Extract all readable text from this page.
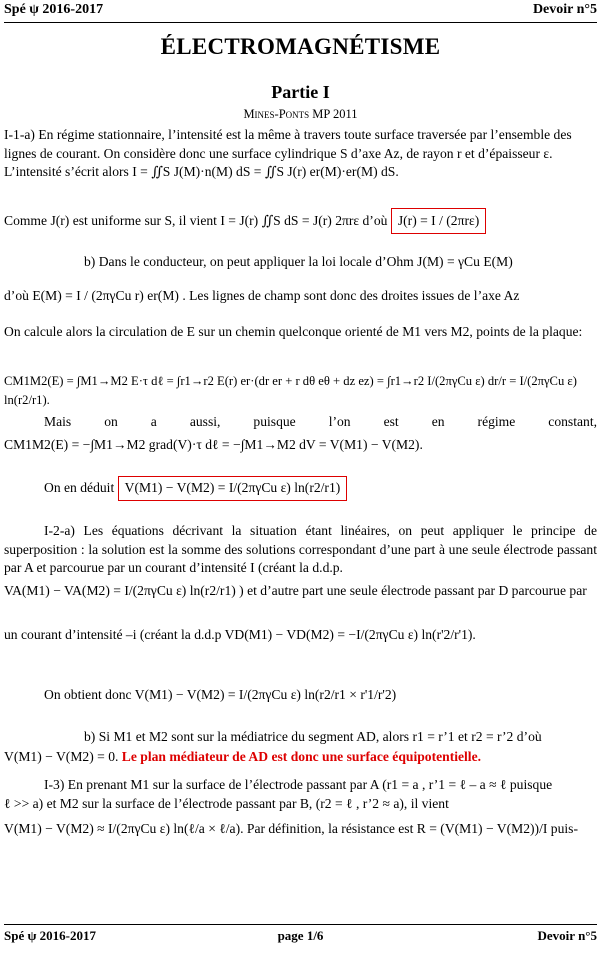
Spé ψ 2016-2017	Devoir n°5
ÉLECTROMAGNÉTISME
Partie I
Mines-Ponts MP 2011
I-1-a) En régime stationnaire, l’intensité est la même à travers toute surface traversée par l’ensemble des lignes de courant. On considère donc une surface cylindrique S d’axe Az, de rayon r et d’épaisseur ε. L’intensité s’écrit alors I = ∬S J(M)·n(M) dS = ∬S J(r) er(M)·er(M) dS.
Comme J(r) est uniforme sur S, il vient I = J(r) ∬S dS = J(r) 2πrε d’où J(r) = I / (2πrε)
b) Dans le conducteur, on peut appliquer la loi locale d’Ohm J(M) = γCu E(M)
d’où E(M) = I / (2πγCu r) er(M) . Les lignes de champ sont donc des droites issues de l’axe Az
On calcule alors la circulation de E sur un chemin quelconque orienté de M1 vers M2, points de la plaque:
CM1M2(E) = ∫M1→M2 E·τ dℓ = ∫r1→r2 E(r) er·(dr er + r dθ eθ + dz ez) = ∫r1→r2 I/(2πγCu ε) dr/r = I/(2πγCu ε) ln(r2/r1).
Mais on a aussi, puisque l’on est en régime constant,
CM1M2(E) = −∫M1→M2 grad(V)·τ dℓ = −∫M1→M2 dV = V(M1) − V(M2).
On en déduit V(M1) − V(M2) = I/(2πγCu ε) ln(r2/r1)
I-2-a) Les équations décrivant la situation étant linéaires, on peut appliquer le principe de superposition : la solution est la somme des solutions correspondant d’une part à une seule électrode passant par A et parcourue par un courant d’intensité I (créant la d.d.p.
VA(M1) − VA(M2) = I/(2πγCu ε) ln(r2/r1) ) et d’autre part une seule électrode passant par D parcourue par
un courant d’intensité –i (créant la d.d.p VD(M1) − VD(M2) = −I/(2πγCu ε) ln(r'2/r'1).
On obtient donc V(M1) − V(M2) = I/(2πγCu ε) ln(r2/r1 × r'1/r'2)
b) Si M1 et M2 sont sur la médiatrice du segment AD, alors r1 = r’1 et r2 = r’2 d’où
V(M1) − V(M2) = 0. Le plan médiateur de AD est donc une surface équipotentielle.
I-3) En prenant M1 sur la surface de l’électrode passant par A (r1 = a , r’1 = ℓ – a ≈ ℓ puisque
ℓ >> a) et M2 sur la surface de l’électrode passant par B, (r2 = ℓ , r’2 ≈ a), il vient
V(M1) − V(M2) ≈ I/(2πγCu ε) ln(ℓ/a × ℓ/a). Par définition, la résistance est R = (V(M1) − V(M2))/I puis-
Spé ψ 2016-2017	page 1/6	Devoir n°5
